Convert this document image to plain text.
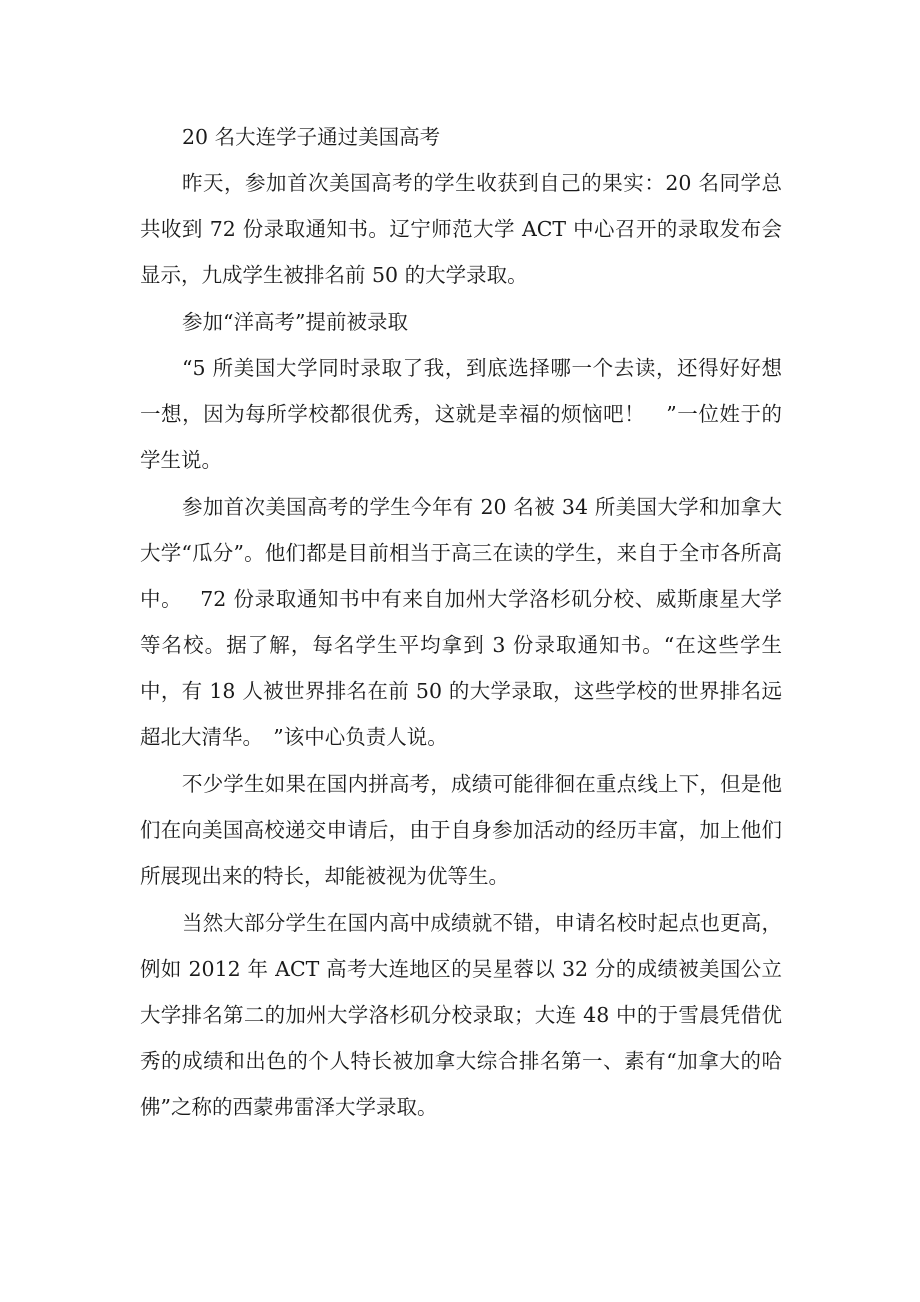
20 名大连学子通过美国高考

昨天，参加首次美国高考的学生收获到自己的果实：20 名同学总共收到 72 份录取通知书。辽宁师范大学 ACT 中心召开的录取发布会显示，九成学生被排名前 50 的大学录取。

参加“洋高考”提前被录取

“5 所美国大学同时录取了我，到底选择哪一个去读，还得好好想一想，因为每所学校都很优秀，这就是幸福的烦恼吧！　”一位姓于的学生说。

参加首次美国高考的学生今年有 20 名被 34 所美国大学和加拿大大学“瓜分”。他们都是目前相当于高三在读的学生，来自于全市各所高中。　 72 份录取通知书中有来自加州大学洛杉矶分校、威斯康星大学等名校。据了解，每名学生平均拿到 3 份录取通知书。“在这些学生中，有 18 人被世界排名在前 50 的大学录取，这些学校的世界排名远超北大清华。　”该中心负责人说。

不少学生如果在国内拼高考，成绩可能徘徊在重点线上下，但是他们在向美国高校递交申请后，由于自身参加活动的经历丰富，加上他们所展现出来的特长，却能被视为优等生。

当然大部分学生在国内高中成绩就不错，申请名校时起点也更高，例如 2012 年 ACT 高考大连地区的吴星蓉以 32 分的成绩被美国公立大学排名第二的加州大学洛杉矶分校录取；大连 48 中的于雪晨凭借优秀的成绩和出色的个人特长被加拿大综合排名第一、素有“加拿大的哈佛”之称的西蒙弗雷泽大学录取。
